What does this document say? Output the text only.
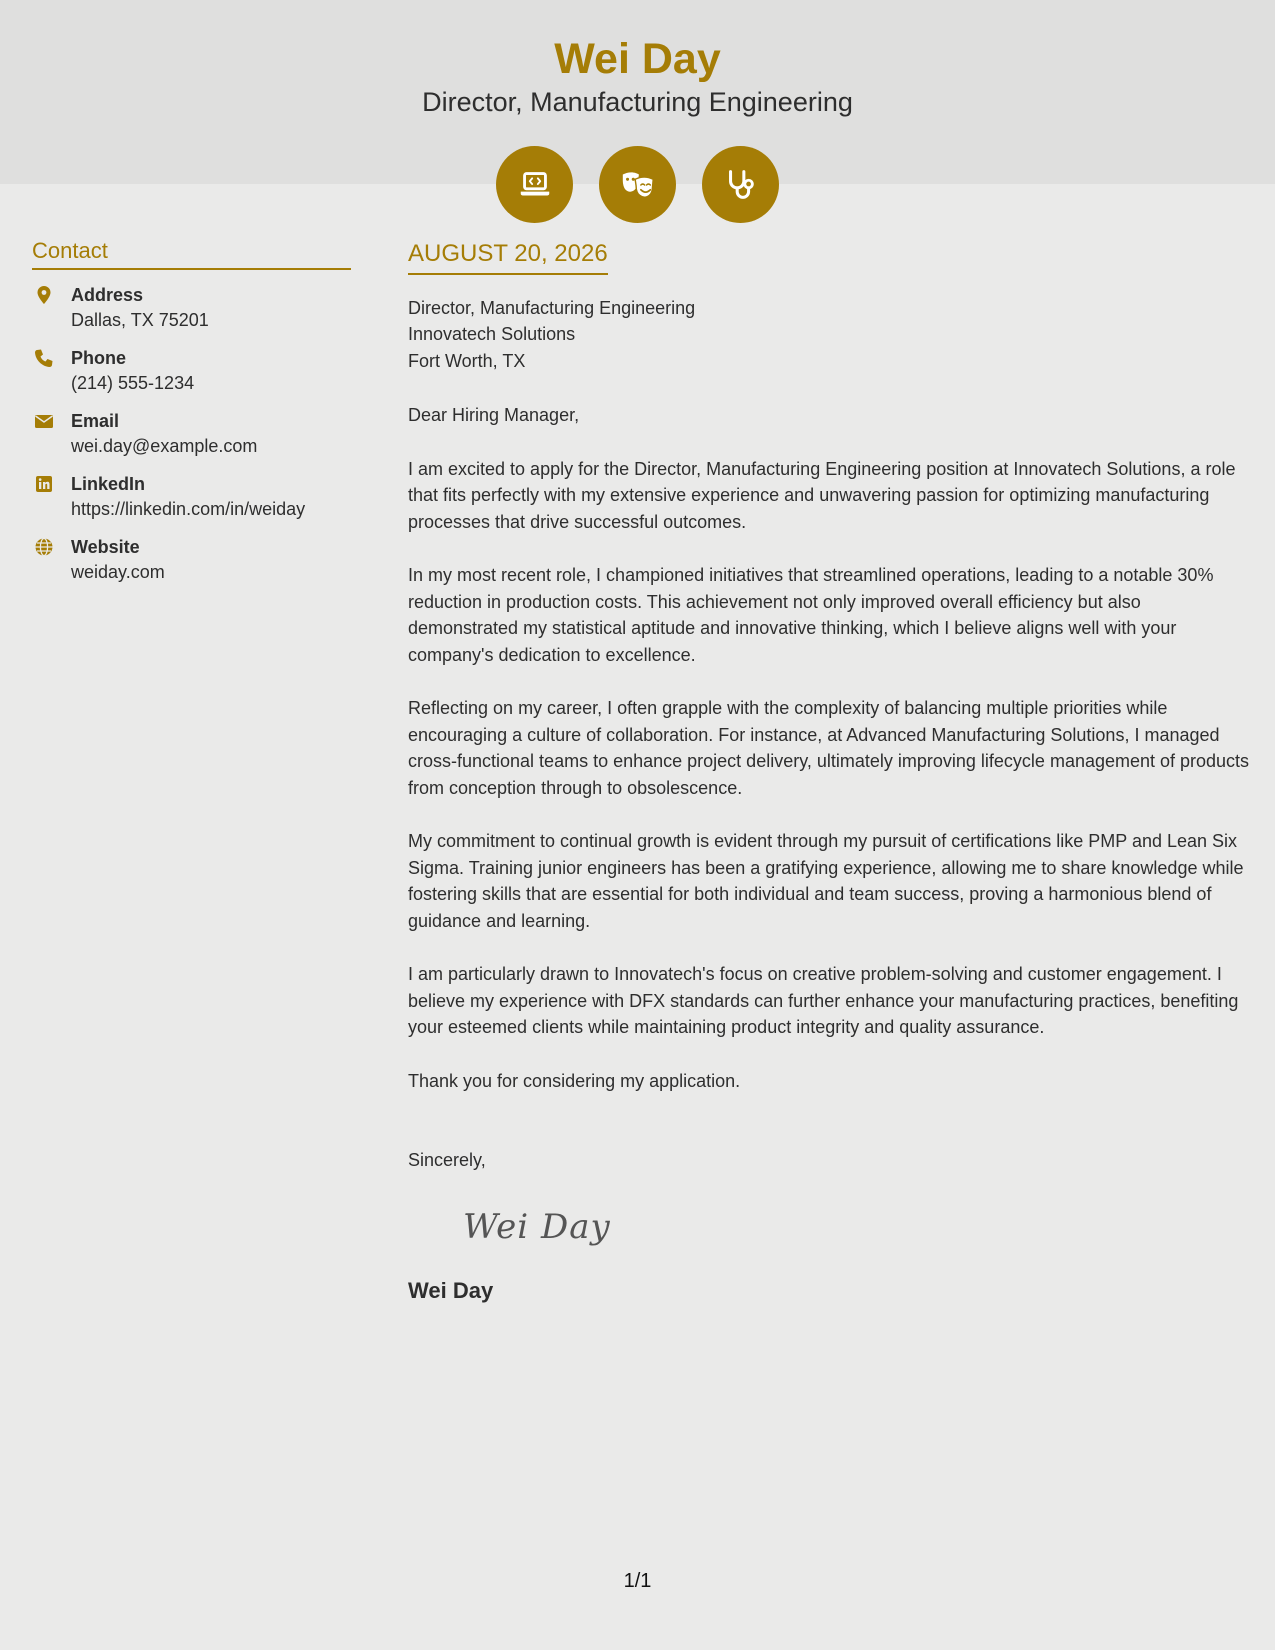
Wei Day
Director, Manufacturing Engineering
Contact
Address
Dallas, TX 75201
Phone
(214) 555-1234
Email
wei.day@example.com
LinkedIn
https://linkedin.com/in/weiday
Website
weiday.com
AUGUST 20, 2026
Director, Manufacturing Engineering
Innovatech Solutions
Fort Worth, TX
Dear Hiring Manager,
I am excited to apply for the Director, Manufacturing Engineering position at Innovatech Solutions, a role that fits perfectly with my extensive experience and unwavering passion for optimizing manufacturing processes that drive successful outcomes.
In my most recent role, I championed initiatives that streamlined operations, leading to a notable 30% reduction in production costs. This achievement not only improved overall efficiency but also demonstrated my statistical aptitude and innovative thinking, which I believe aligns well with your company's dedication to excellence.
Reflecting on my career, I often grapple with the complexity of balancing multiple priorities while encouraging a culture of collaboration. For instance, at Advanced Manufacturing Solutions, I managed cross-functional teams to enhance project delivery, ultimately improving lifecycle management of products from conception through to obsolescence.
My commitment to continual growth is evident through my pursuit of certifications like PMP and Lean Six Sigma. Training junior engineers has been a gratifying experience, allowing me to share knowledge while fostering skills that are essential for both individual and team success, proving a harmonious blend of guidance and learning.
I am particularly drawn to Innovatech's focus on creative problem-solving and customer engagement. I believe my experience with DFX standards can further enhance your manufacturing practices, benefiting your esteemed clients while maintaining product integrity and quality assurance.
Thank you for considering my application.
Sincerely,
Wei Day
Wei Day
1/1
